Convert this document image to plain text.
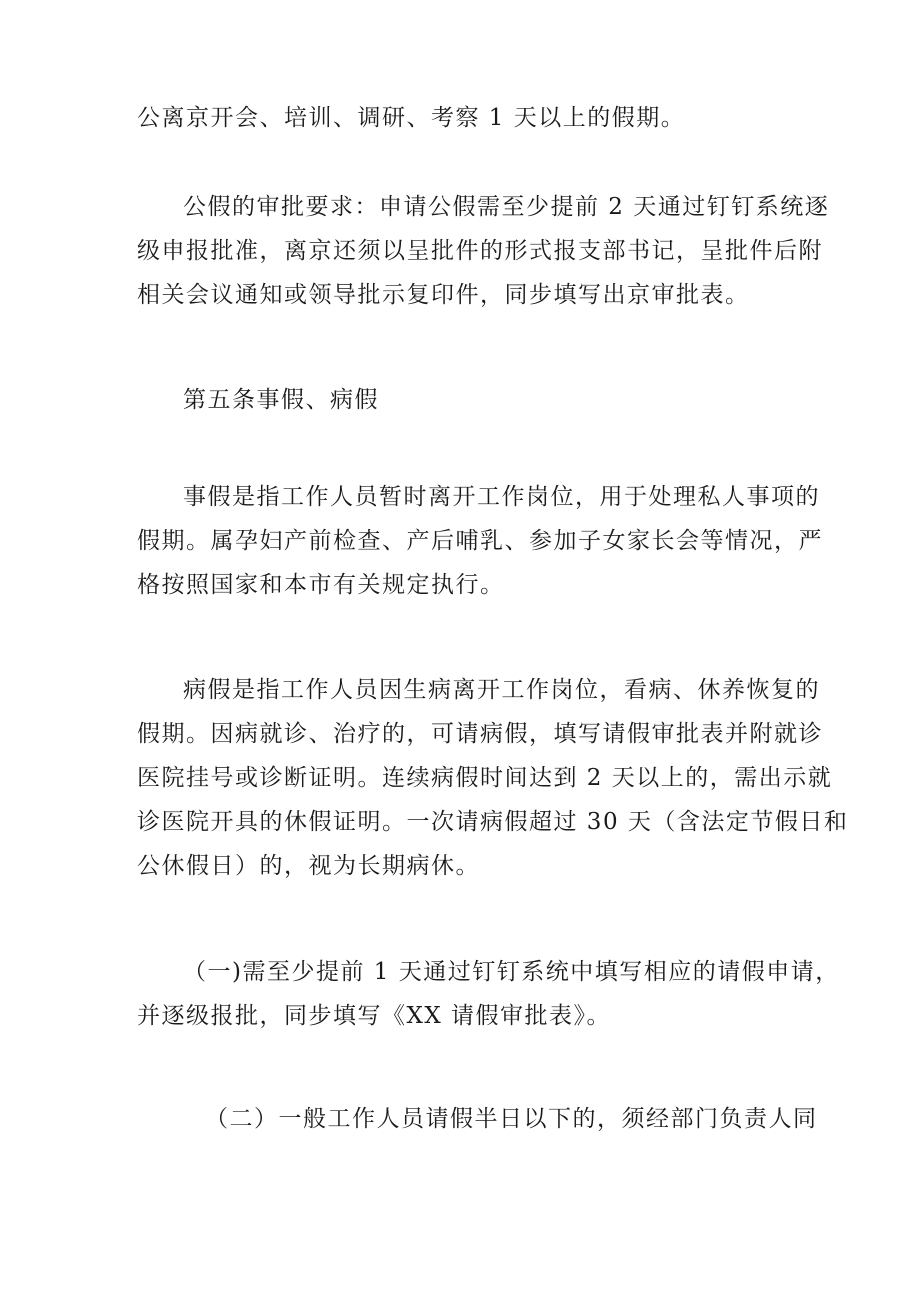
公离京开会、培训、调研、考察 1 天以上的假期。

公假的审批要求：申请公假需至少提前 2 天通过钉钉系统逐
级申报批准，离京还须以呈批件的形式报支部书记，呈批件后附
相关会议通知或领导批示复印件，同步填写出京审批表。

第五条事假、病假

事假是指工作人员暂时离开工作岗位，用于处理私人事项的
假期。属孕妇产前检查、产后哺乳、参加子女家长会等情况，严
格按照国家和本市有关规定执行。

病假是指工作人员因生病离开工作岗位，看病、休养恢复的
假期。因病就诊、治疗的，可请病假，填写请假审批表并附就诊
医院挂号或诊断证明。连续病假时间达到 2 天以上的，需出示就
诊医院开具的休假证明。一次请病假超过 30 天（含法定节假日和
公休假日）的，视为长期病休。

（一)需至少提前 1 天通过钉钉系统中填写相应的请假申请，
并逐级报批，同步填写《XX 请假审批表》。

（二）一般工作人员请假半日以下的，须经部门负责人同
